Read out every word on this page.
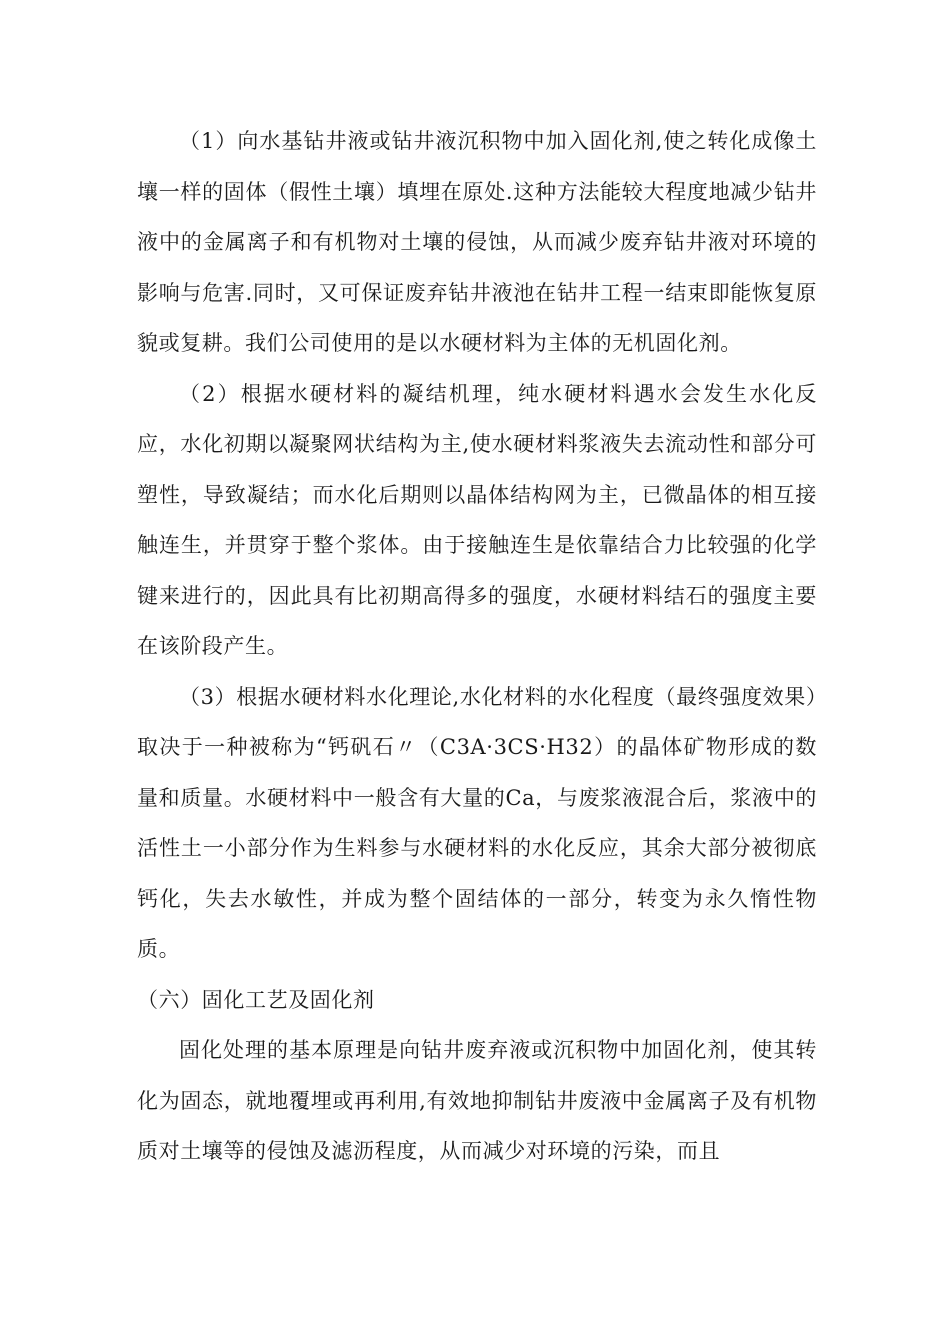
（1）向水基钻井液或钻井液沉积物中加入固化剂,使之转化成像土壤一样的固体（假性土壤）填埋在原处.这种方法能较大程度地减少钻井液中的金属离子和有机物对土壤的侵蚀，从而减少废弃钻井液对环境的影响与危害.同时，又可保证废弃钻井液池在钻井工程一结束即能恢复原貌或复耕。我们公司使用的是以水硬材料为主体的无机固化剂。

（2）根据水硬材料的凝结机理，纯水硬材料遇水会发生水化反应，水化初期以凝聚网状结构为主,使水硬材料浆液失去流动性和部分可塑性，导致凝结；而水化后期则以晶体结构网为主，已微晶体的相互接触连生，并贯穿于整个浆体。由于接触连生是依靠结合力比较强的化学键来进行的，因此具有比初期高得多的强度，水硬材料结石的强度主要在该阶段产生。

（3）根据水硬材料水化理论,水化材料的水化程度（最终强度效果）取决于一种被称为“钙矾石〃（C3A·3CS·H32）的晶体矿物形成的数量和质量。水硬材料中一般含有大量的Ca，与废浆液混合后，浆液中的活性土一小部分作为生料参与水硬材料的水化反应，其余大部分被彻底钙化，失去水敏性，并成为整个固结体的一部分，转变为永久惰性物质。

（六）固化工艺及固化剂

固化处理的基本原理是向钻井废弃液或沉积物中加固化剂，使其转化为固态，就地覆埋或再利用,有效地抑制钻井废液中金属离子及有机物质对土壤等的侵蚀及滤沥程度，从而减少对环境的污染，而且
